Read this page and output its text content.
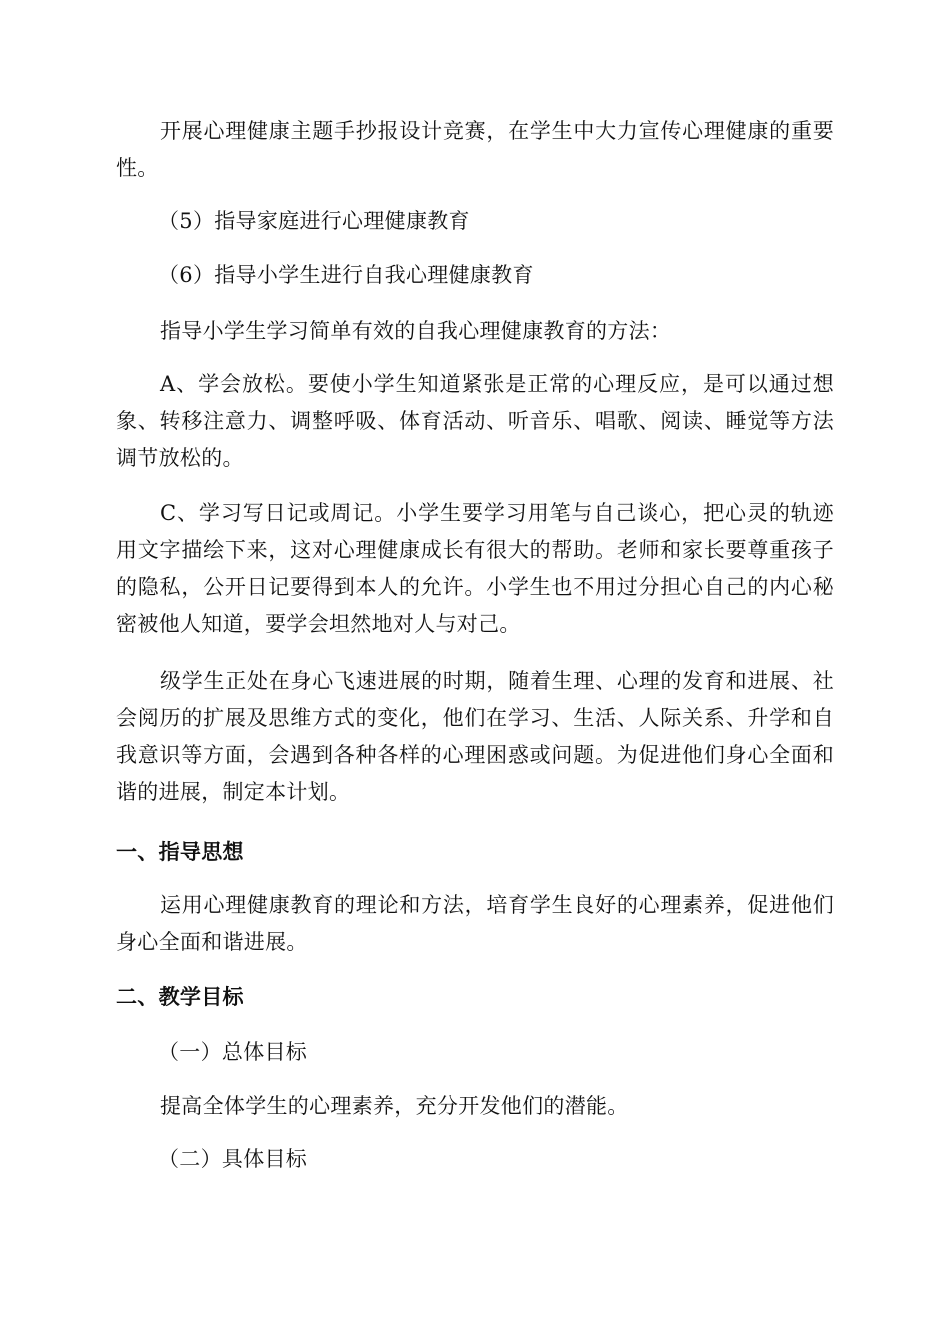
开展心理健康主题手抄报设计竞赛，在学生中大力宣传心理健康的重要性。

（5）指导家庭进行心理健康教育

（6）指导小学生进行自我心理健康教育

指导小学生学习简单有效的自我心理健康教育的方法：

A、学会放松。要使小学生知道紧张是正常的心理反应，是可以通过想象、转移注意力、调整呼吸、体育活动、听音乐、唱歌、阅读、睡觉等方法调节放松的。

C、学习写日记或周记。小学生要学习用笔与自己谈心，把心灵的轨迹用文字描绘下来，这对心理健康成长有很大的帮助。老师和家长要尊重孩子的隐私，公开日记要得到本人的允许。小学生也不用过分担心自己的内心秘密被他人知道，要学会坦然地对人与对己。

级学生正处在身心飞速进展的时期，随着生理、心理的发育和进展、社会阅历的扩展及思维方式的变化，他们在学习、生活、人际关系、升学和自我意识等方面，会遇到各种各样的心理困惑或问题。为促进他们身心全面和谐的进展，制定本计划。

一、指导思想

运用心理健康教育的理论和方法，培育学生良好的心理素养，促进他们身心全面和谐进展。

二、教学目标

（一）总体目标

提高全体学生的心理素养，充分开发他们的潜能。

（二）具体目标
